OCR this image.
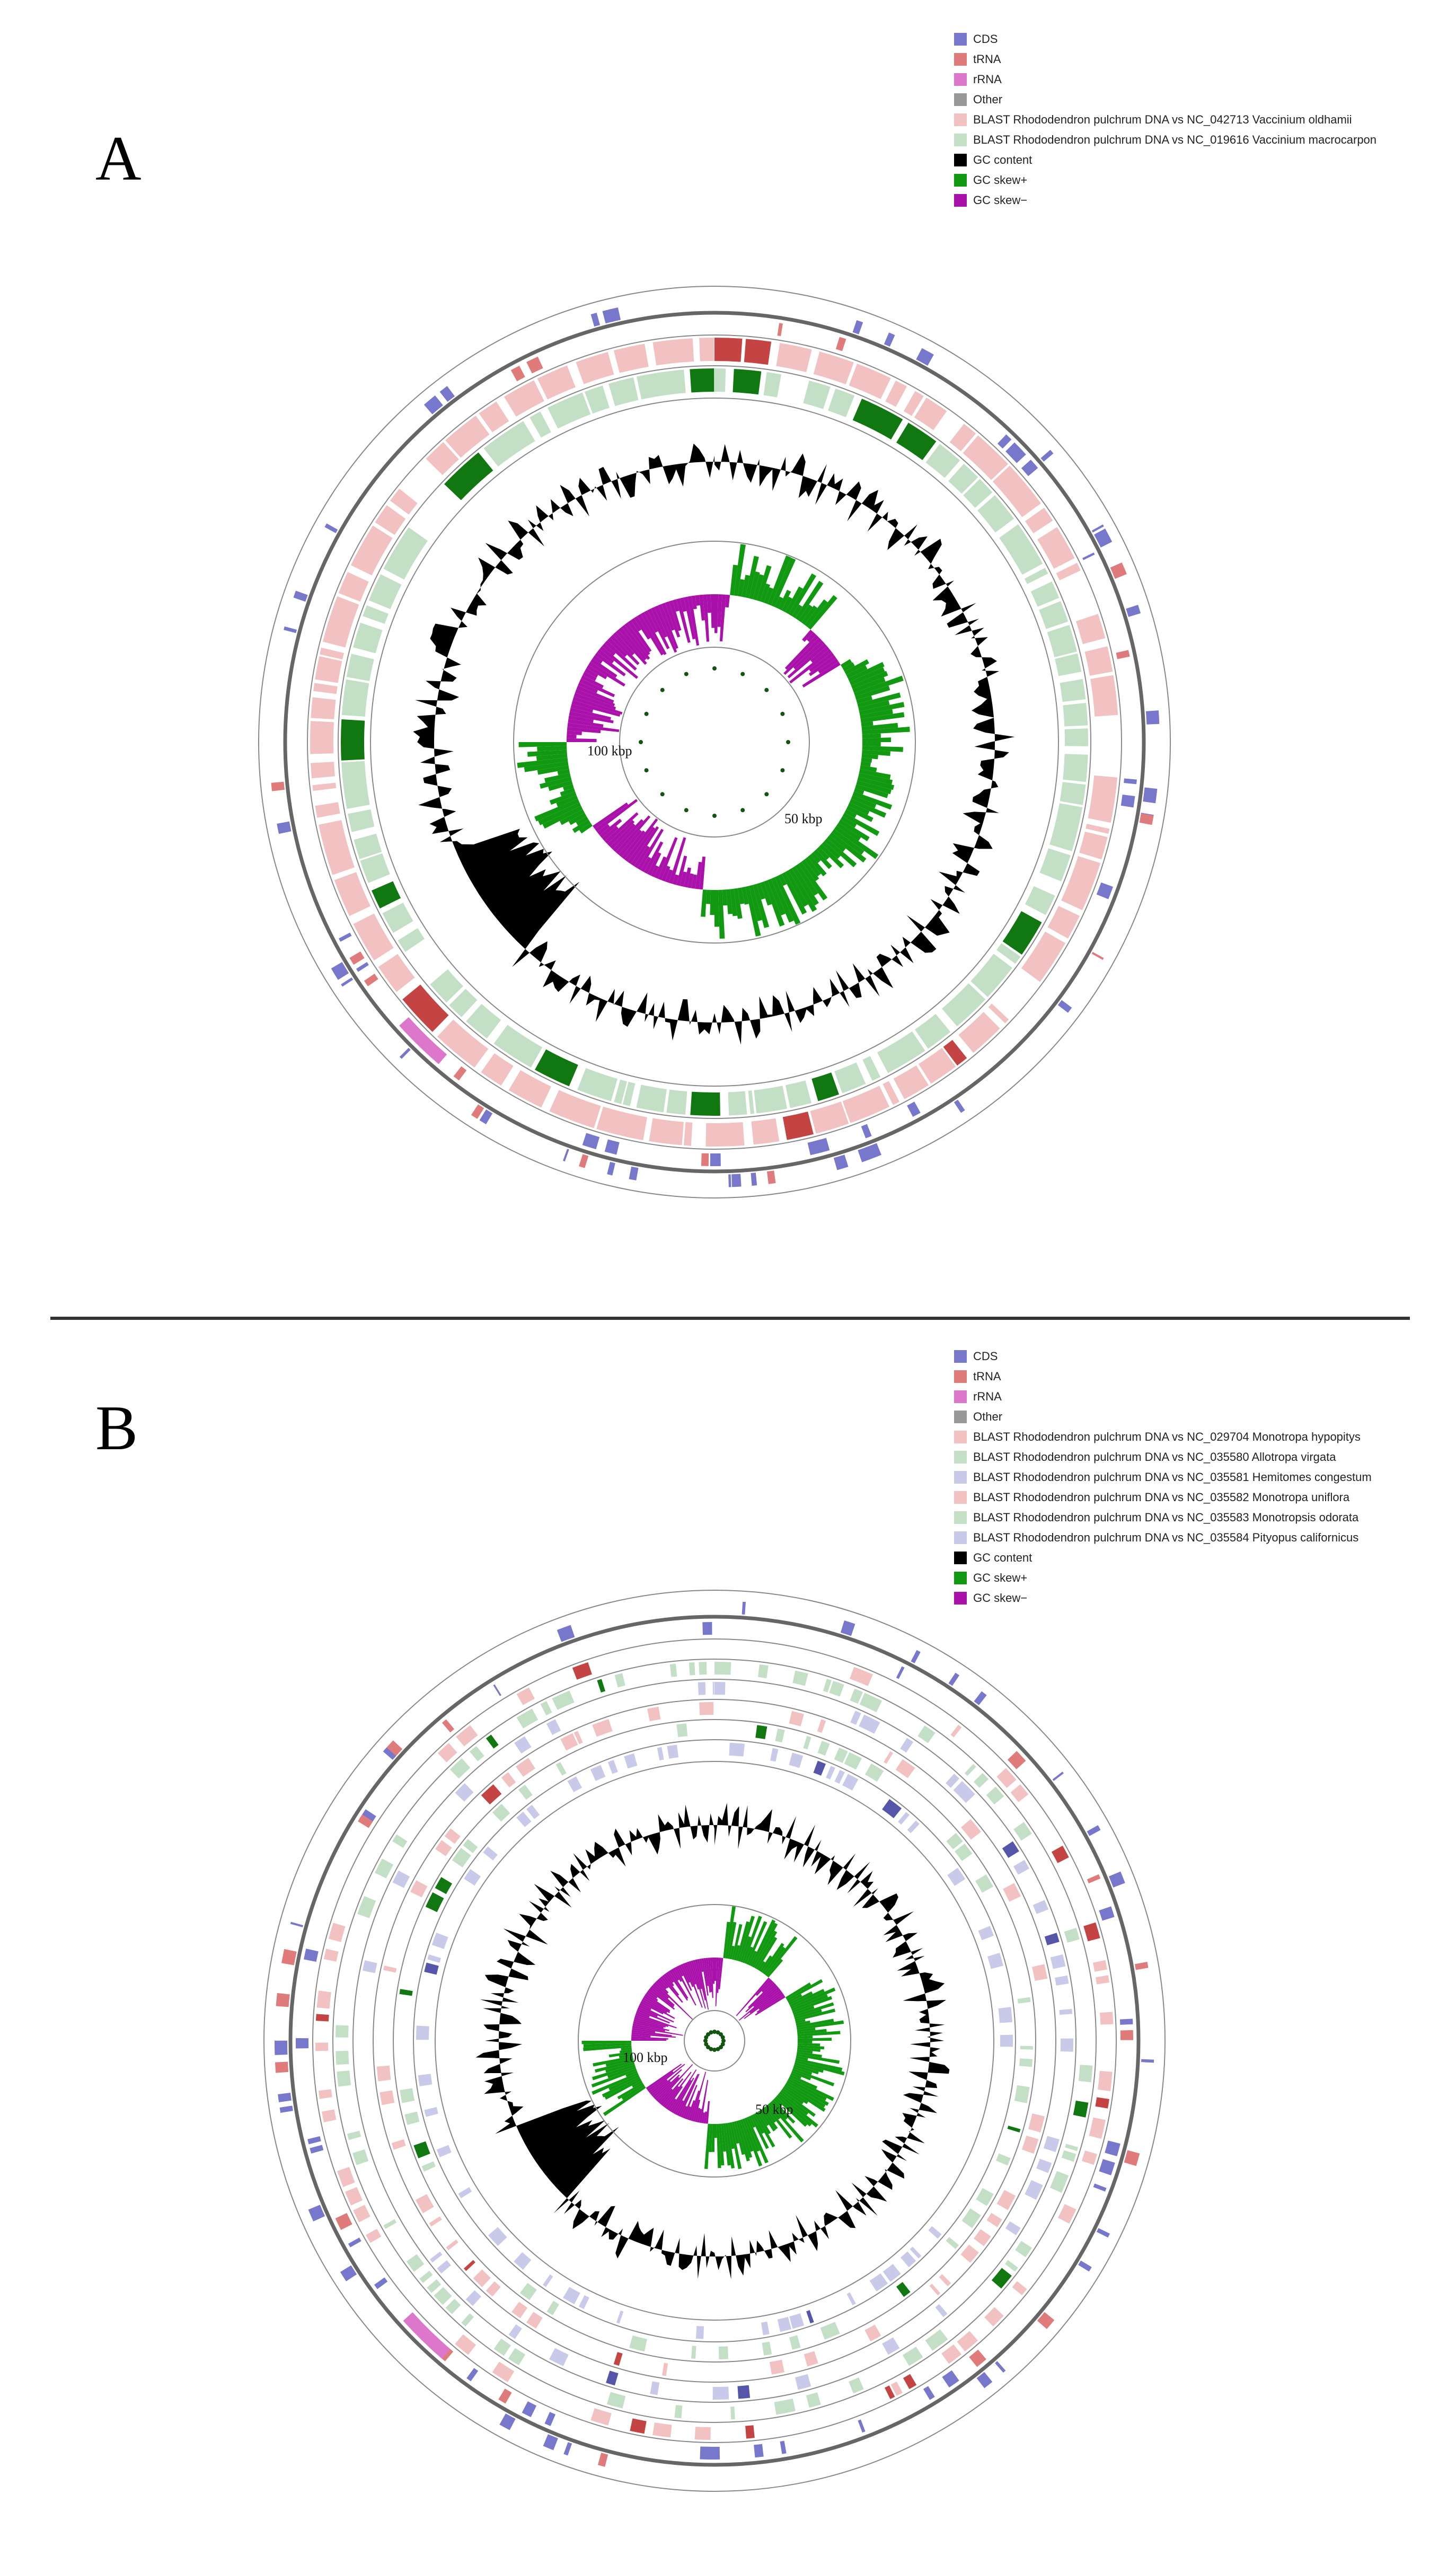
A
CDS
tRNA
rRNA
Other
BLAST Rhododendron pulchrum DNA vs NC_042713 Vaccinium oldhamii
BLAST Rhododendron pulchrum DNA vs NC_019616 Vaccinium macrocarpon
GC content
GC skew+
GC skew−
100 kbp
50 kbp
B
CDS
tRNA
rRNA
Other
BLAST Rhododendron pulchrum DNA vs NC_029704 Monotropa hypopitys
BLAST Rhododendron pulchrum DNA vs NC_035580 Allotropa virgata
BLAST Rhododendron pulchrum DNA vs NC_035581 Hemitomes congestum
BLAST Rhododendron pulchrum DNA vs NC_035582 Monotropa uniflora
BLAST Rhododendron pulchrum DNA vs NC_035583 Monotropsis odorata
BLAST Rhododendron pulchrum DNA vs NC_035584 Pityopus californicus
GC content
GC skew+
GC skew−
100 kbp
50 kbp
